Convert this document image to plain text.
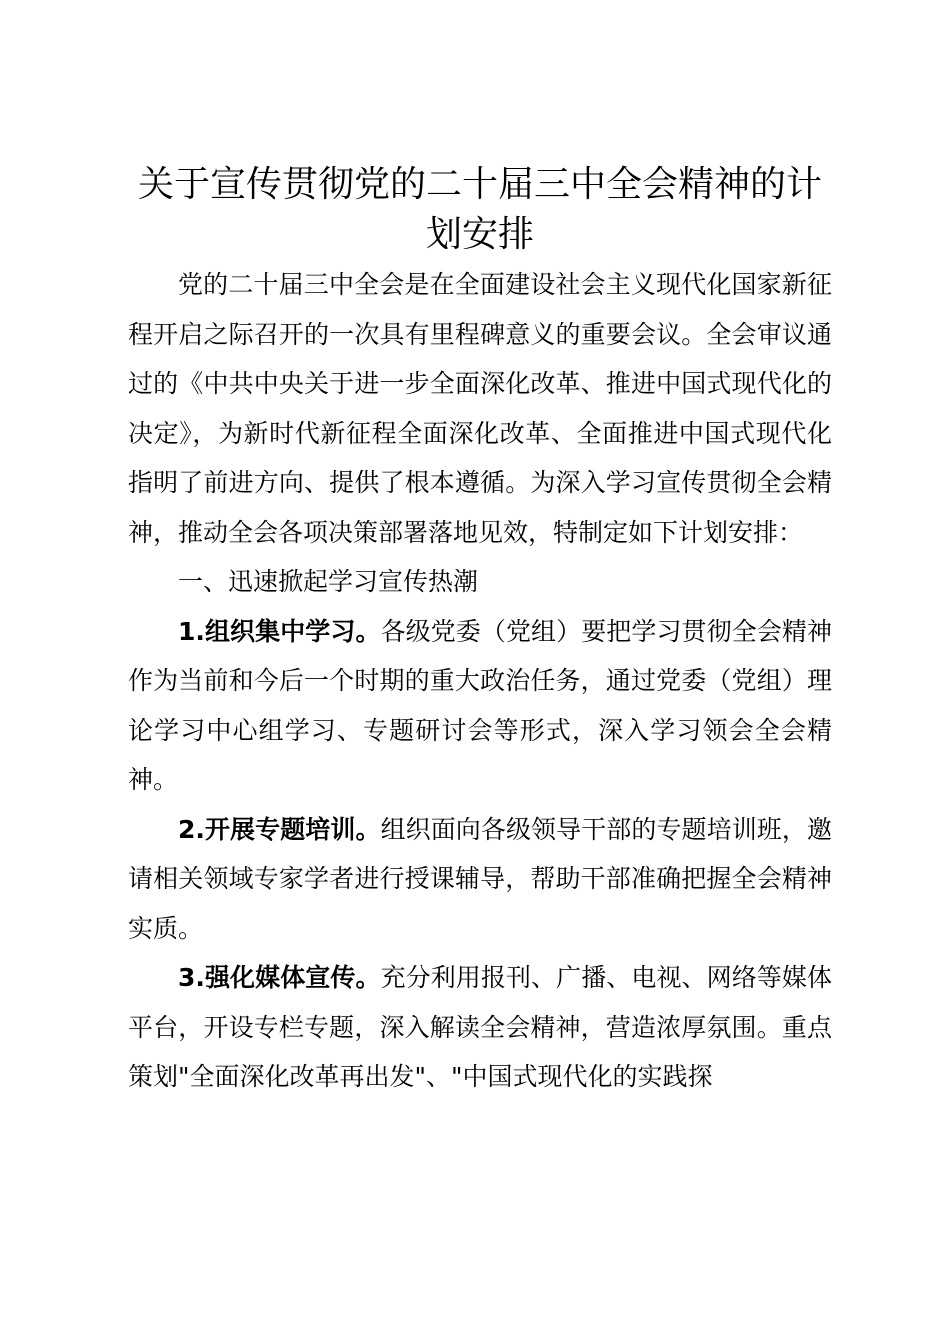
关于宣传贯彻党的二十届三中全会精神的计划安排

党的二十届三中全会是在全面建设社会主义现代化国家新征程开启之际召开的一次具有里程碑意义的重要会议。全会审议通过的《中共中央关于进一步全面深化改革、推进中国式现代化的决定》，为新时代新征程全面深化改革、全面推进中国式现代化指明了前进方向、提供了根本遵循。为深入学习宣传贯彻全会精神，推动全会各项决策部署落地见效，特制定如下计划安排：

一、迅速掀起学习宣传热潮

1.组织集中学习。各级党委（党组）要把学习贯彻全会精神作为当前和今后一个时期的重大政治任务，通过党委（党组）理论学习中心组学习、专题研讨会等形式，深入学习领会全会精神。

2.开展专题培训。组织面向各级领导干部的专题培训班，邀请相关领域专家学者进行授课辅导，帮助干部准确把握全会精神实质。

3.强化媒体宣传。充分利用报刊、广播、电视、网络等媒体平台，开设专栏专题，深入解读全会精神，营造浓厚氛围。重点策划"全面深化改革再出发"、"中国式现代化的实践探
